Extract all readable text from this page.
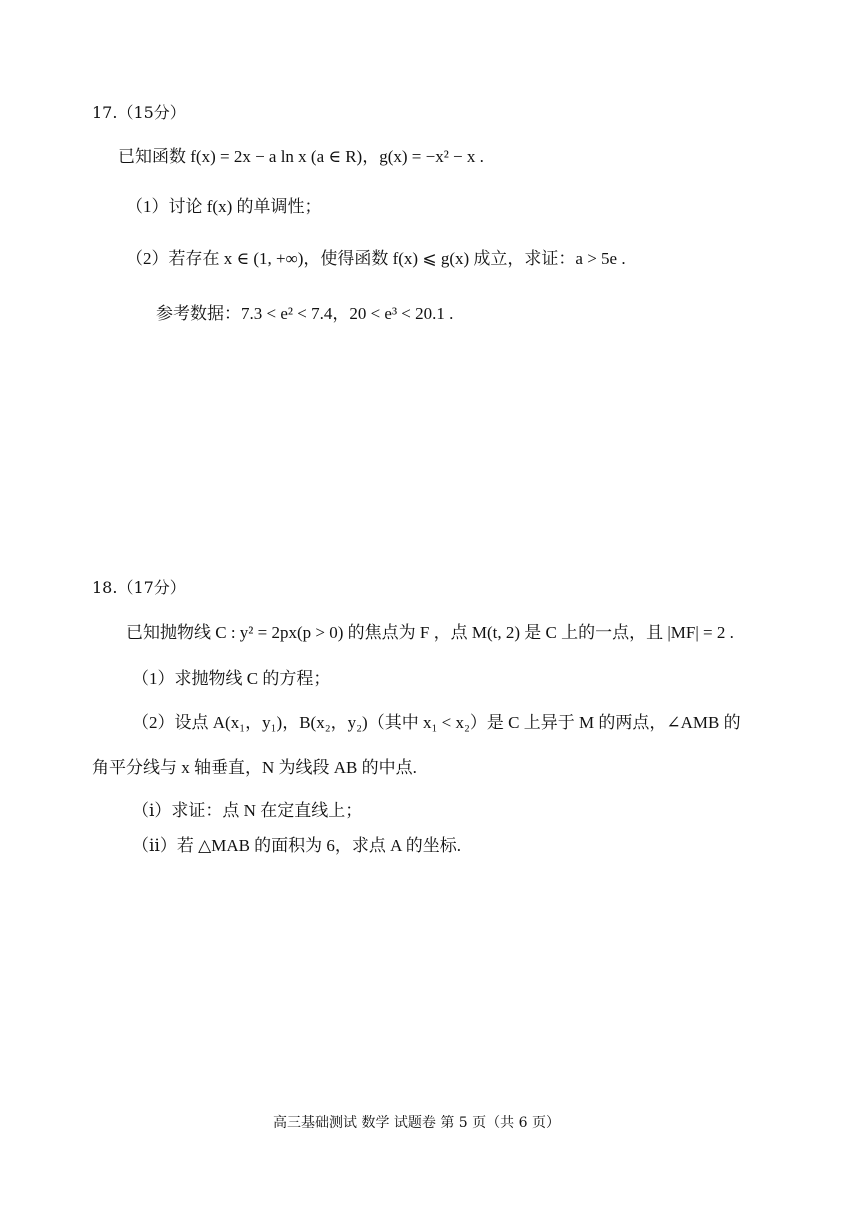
17.（15分）
已知函数 f(x) = 2x − a ln x (a ∈ R)，g(x) = −x² − x .
（1）讨论 f(x) 的单调性；
（2）若存在 x ∈ (1, +∞)，使得函数 f(x) ⩽ g(x) 成立，求证：a > 5e .
参考数据：7.3 < e² < 7.4，20 < e³ < 20.1 .
18.（17分）
已知抛物线 C : y² = 2px(p > 0) 的焦点为 F ，点 M(t, 2) 是 C 上的一点，且 |MF| = 2 .
（1）求抛物线 C 的方程；
（2）设点 A(x₁，y₁)，B(x₂，y₂)（其中 x₁ < x₂）是 C 上异于 M 的两点，∠AMB 的
角平分线与 x 轴垂直，N 为线段 AB 的中点.
（ⅰ）求证：点 N 在定直线上；
（ⅱ）若 △MAB 的面积为 6，求点 A 的坐标.
高三基础测试 数学 试题卷 第 5 页（共 6 页）
